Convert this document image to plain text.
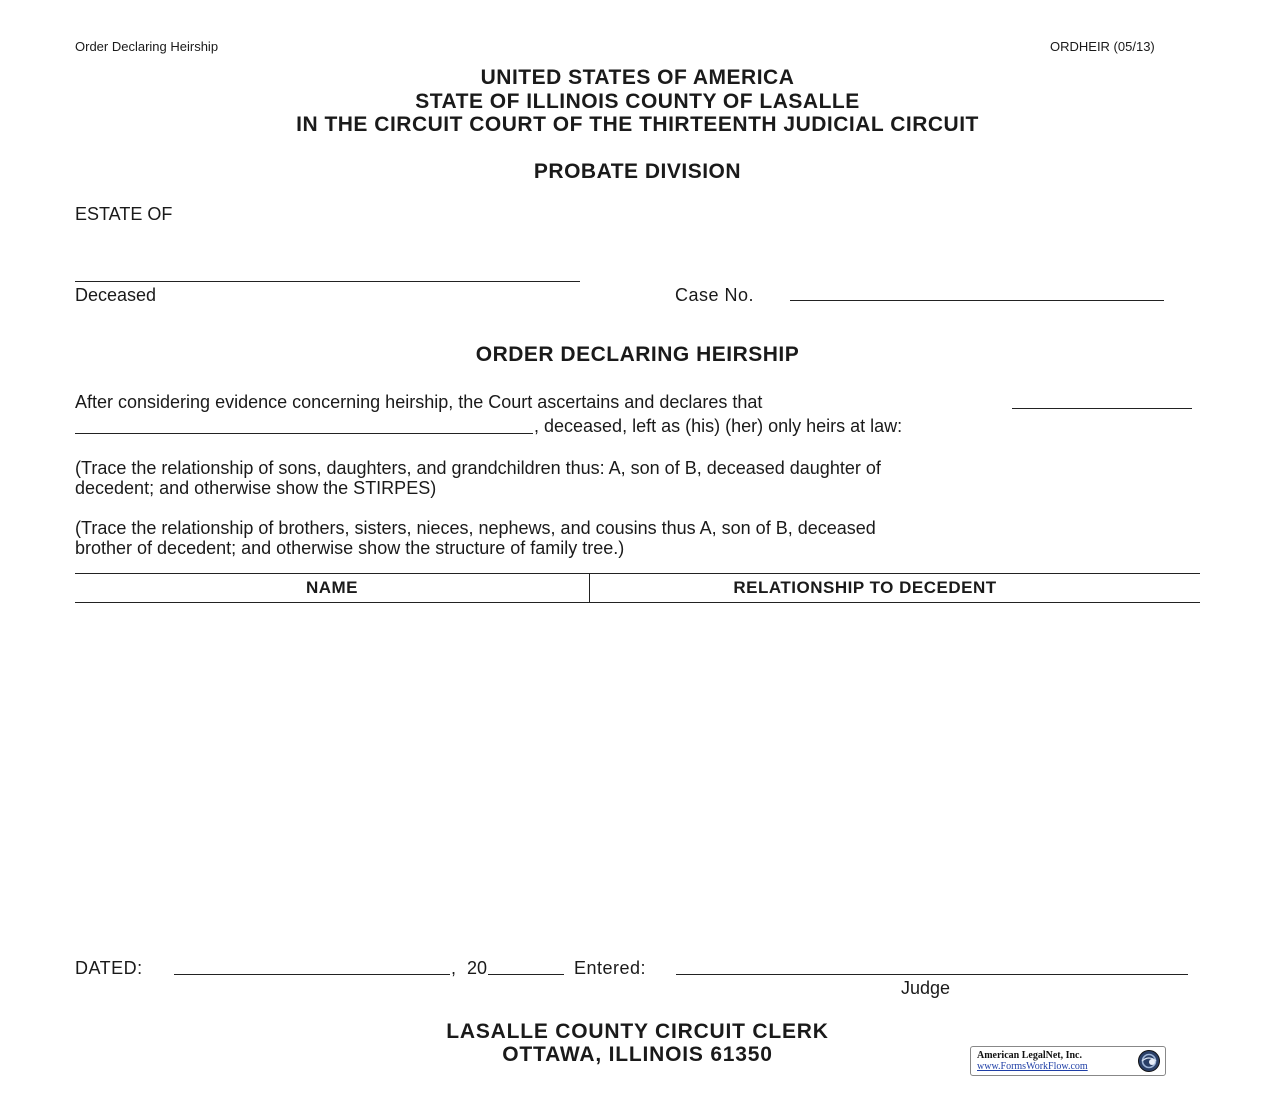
Order Declaring Heirship	ORDHEIR (05/13)
UNITED STATES OF AMERICA
STATE OF ILLINOIS COUNTY OF LASALLE
IN THE CIRCUIT COURT OF THE THIRTEENTH JUDICIAL CIRCUIT
PROBATE DIVISION
ESTATE OF
Deceased	Case No.
ORDER DECLARING HEIRSHIP
After considering evidence concerning heirship, the Court ascertains and declares that
, deceased, left as (his) (her) only heirs at law:
(Trace the relationship of sons, daughters, and grandchildren thus: A, son of B, deceased daughter of
decedent; and otherwise show the STIRPES)
(Trace the relationship of brothers, sisters, nieces, nephews, and cousins thus A, son of B, deceased
brother of decedent; and otherwise show the structure of family tree.)
NAME	RELATIONSHIP TO DECEDENT
DATED:	, 20	Entered:
Judge
LASALLE COUNTY CIRCUIT CLERK
OTTAWA, ILLINOIS 61350	American LegalNet, Inc.
www.FormsWorkFlow.com
